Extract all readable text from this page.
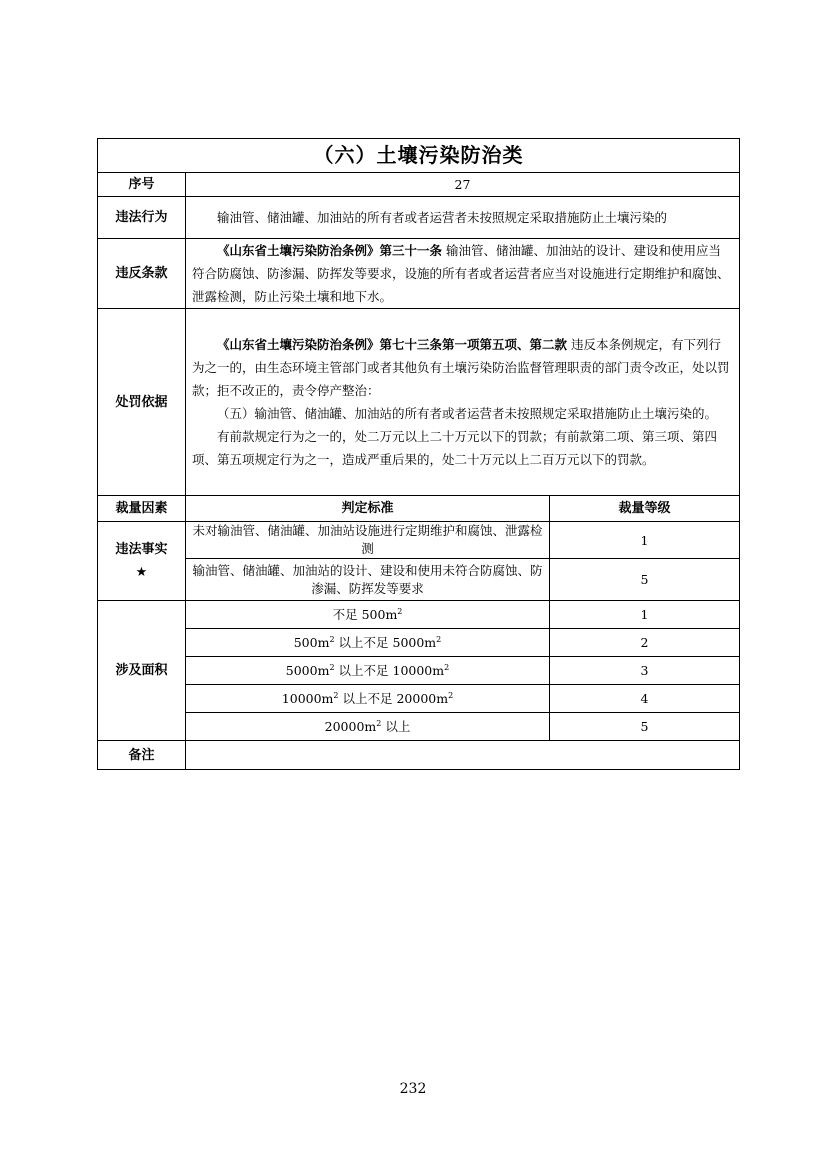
（六）土壤污染防治类		
序号	27	
违法行为	输油管、储油罐、加油站的所有者或者运营者未按照规定采取措施防止土壤污染的	

违反条款	《山东省土壤污染防治条例》第三十一条 输油管、储油罐、加油站的设计、建设和使用应当符合防腐蚀、防渗漏、防挥发等要求，设施的所有者或者运营者应当对设施进行定期维护和腐蚀、泄露检测，防止污染土壤和地下水。	

处罚依据	《山东省土壤污染防治条例》第七十三条第一项第五项、第二款 违反本条例规定，有下列行为之一的，由生态环境主管部门或者其他负有土壤污染防治监督管理职责的部门责令改正，处以罚款；拒不改正的，责令停产整治：

（五）输油管、储油罐、加油站的所有者或者运营者未按照规定采取措施防止土壤污染的。

有前款规定行为之一的，处二万元以上二十万元以下的罚款；有前款第二项、第三项、第四项、第五项规定行为之一，造成严重后果的，处二十万元以上二百万元以下的罚款。	

裁量因素	判定标准	裁量等级

违法事实
★	未对输油管、储油罐、加油站设施进行定期维护和腐蚀、泄露检测	1
	输油管、储油罐、加油站的设计、建设和使用未符合防腐蚀、防渗漏、防挥发等要求	5
涉及面积	不足 $500m^2$	1
	$500m^2$ 以上不足 $5000m^2$	2
	$5000m^2$ 以上不足 $10000m^2$	3
	$10000m^2$ 以上不足 $20000m^2$	4
	$20000m^2$ 以上	5
备注		
232
